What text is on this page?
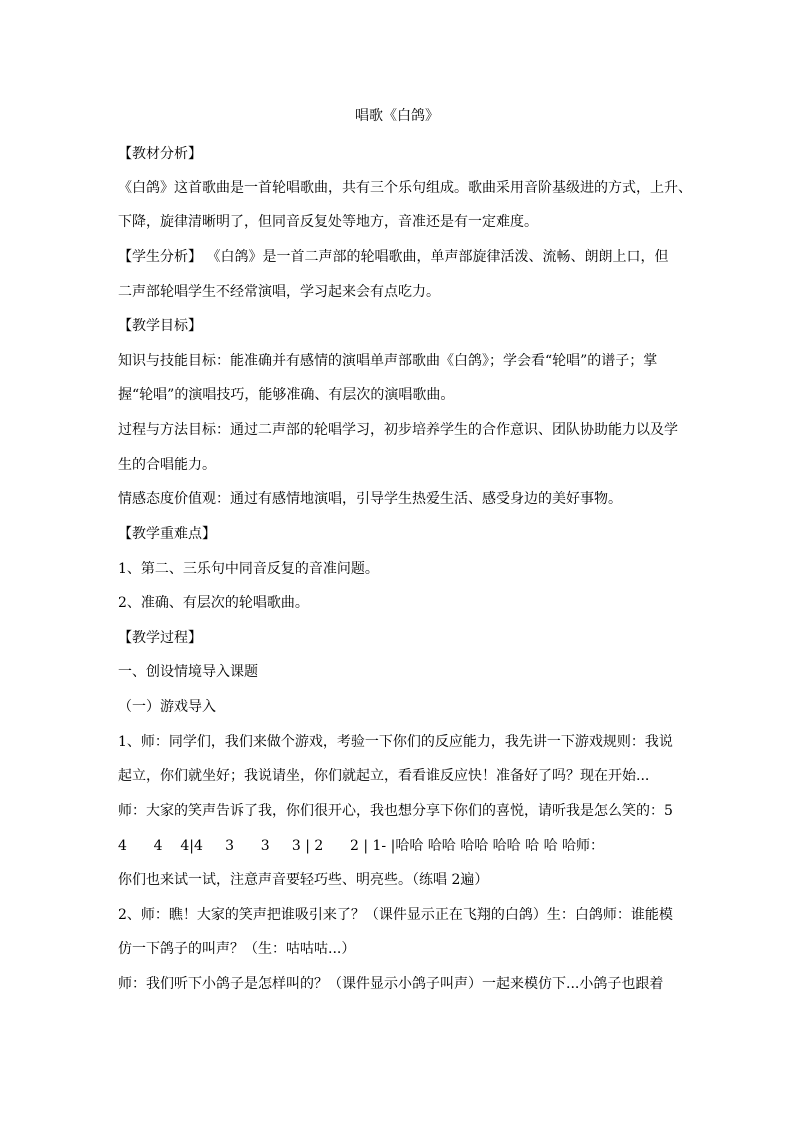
唱歌《白鸽》
【教材分析】
《白鸽》这首歌曲是一首轮唱歌曲，共有三个乐句组成。歌曲采用音阶基级进的方式，上升、
下降，旋律清晰明了，但同音反复处等地方，音准还是有一定难度。
【学生分析】 《白鸽》是一首二声部的轮唱歌曲，单声部旋律活泼、流畅、朗朗上口，但
二声部轮唱学生不经常演唱，学习起来会有点吃力。
【教学目标】
知识与技能目标：能准确并有感情的演唱单声部歌曲《白鸽》；学会看“轮唱”的谱子；掌
握“轮唱”的演唱技巧，能够准确、有层次的演唱歌曲。
过程与方法目标：通过二声部的轮唱学习，初步培养学生的合作意识、团队协助能力以及学
生的合唱能力。
情感态度价值观：通过有感情地演唱，引导学生热爱生活、感受身边的美好事物。
【教学重难点】
1、第二、三乐句中同音反复的音准问题。
2、准确、有层次的轮唱歌曲。
【教学过程】
一、创设情境导入课题
（一）游戏导入
1、师：同学们，我们来做个游戏，考验一下你们的反应能力，我先讲一下游戏规则：我说
起立，你们就坐好；我说请坐，你们就起立，看看谁反应快！准备好了吗？现在开始...
师：大家的笑声告诉了我，你们很开心，我也想分享下你们的喜悦，请听我是怎么笑的：5
4      4    4|4     3      3     3 | 2      2 | 1- |哈哈 哈哈 哈哈 哈哈 哈 哈 哈师：
你们也来试一试，注意声音要轻巧些、明亮些。（练唱 2遍）
2、师：瞧！大家的笑声把谁吸引来了？（课件显示正在飞翔的白鸽）生：白鸽师：谁能模
仿一下鸽子的叫声？（生：咕咕咕...）
师：我们听下小鸽子是怎样叫的？（课件显示小鸽子叫声）一起来模仿下...小鸽子也跟着
